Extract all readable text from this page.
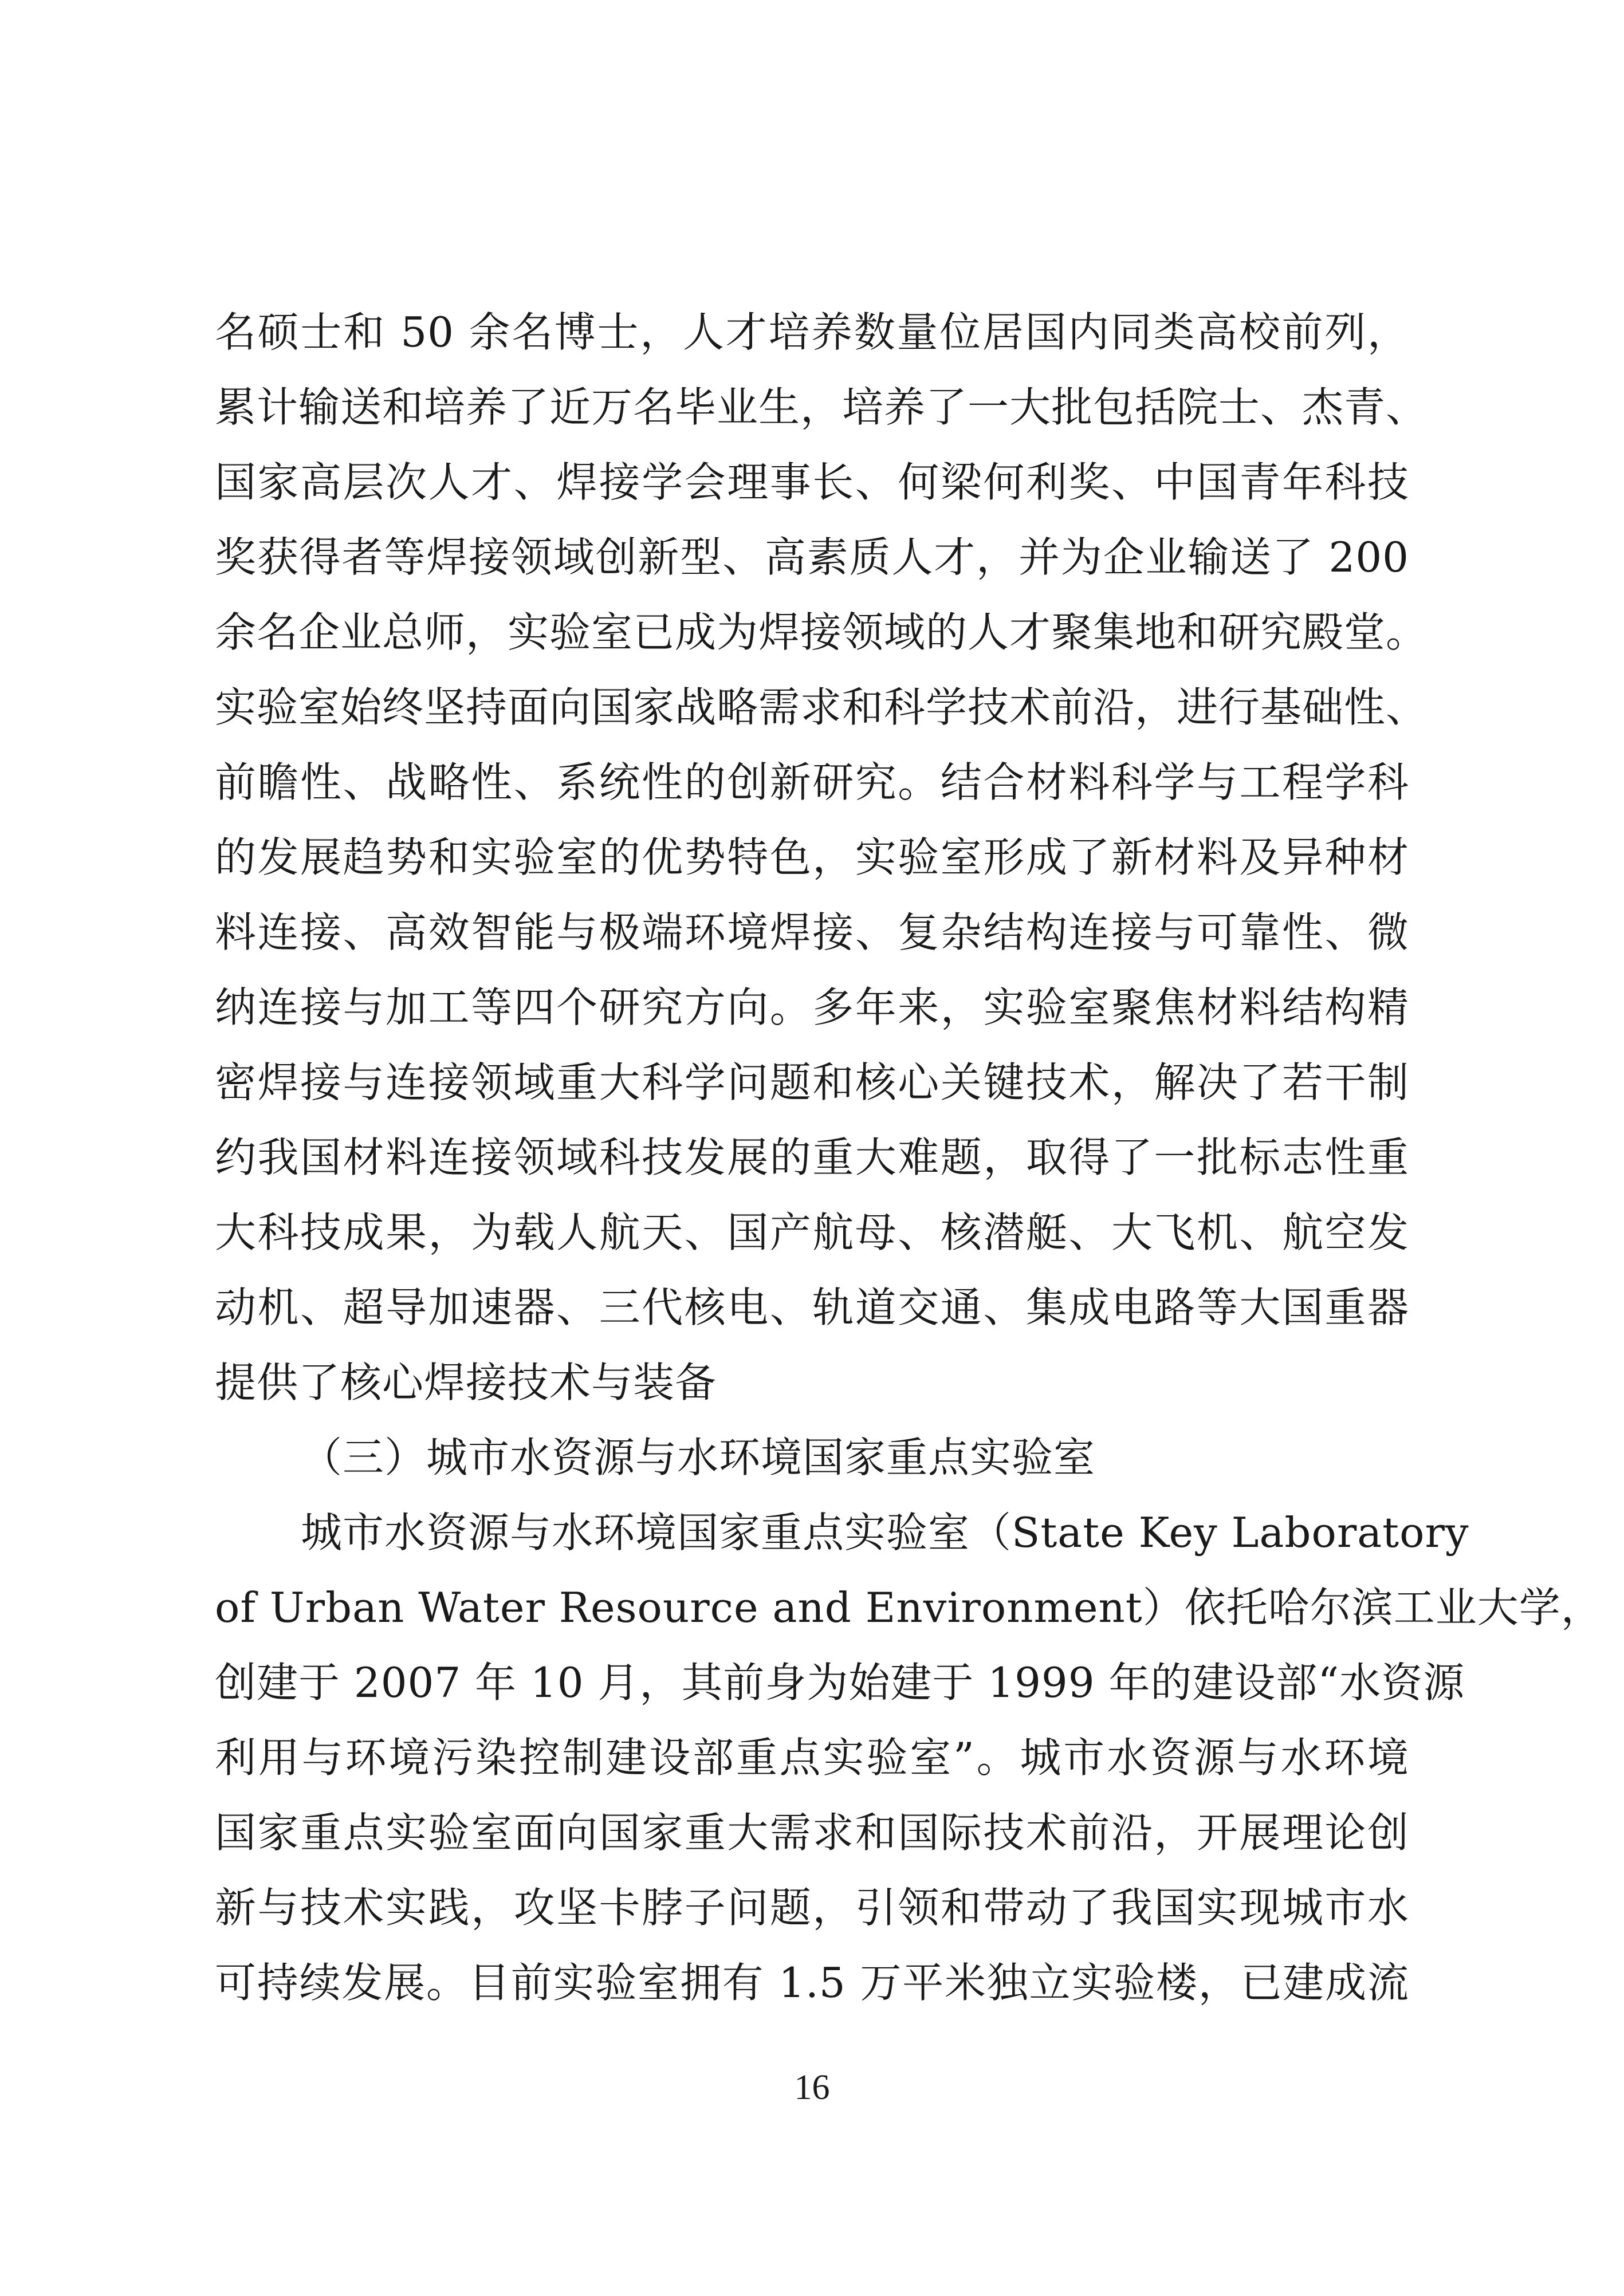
名硕士和 50 余名博士，人才培养数量位居国内同类高校前列，
累计输送和培养了近万名毕业生，培养了一大批包括院士、杰青、
国家高层次人才、焊接学会理事长、何梁何利奖、中国青年科技
奖获得者等焊接领域创新型、高素质人才，并为企业输送了 200
余名企业总师，实验室已成为焊接领域的人才聚集地和研究殿堂。
实验室始终坚持面向国家战略需求和科学技术前沿，进行基础性、
前瞻性、战略性、系统性的创新研究。结合材料科学与工程学科
的发展趋势和实验室的优势特色，实验室形成了新材料及异种材
料连接、高效智能与极端环境焊接、复杂结构连接与可靠性、微
纳连接与加工等四个研究方向。多年来，实验室聚焦材料结构精
密焊接与连接领域重大科学问题和核心关键技术，解决了若干制
约我国材料连接领域科技发展的重大难题，取得了一批标志性重
大科技成果，为载人航天、国产航母、核潜艇、大飞机、航空发
动机、超导加速器、三代核电、轨道交通、集成电路等大国重器
提供了核心焊接技术与装备
（三）城市水资源与水环境国家重点实验室
城市水资源与水环境国家重点实验室（State Key Laboratory
of Urban Water Resource and Environment）依托哈尔滨工业大学，
创建于 2007 年 10 月，其前身为始建于 1999 年的建设部“水资源
利用与环境污染控制建设部重点实验室”。城市水资源与水环境
国家重点实验室面向国家重大需求和国际技术前沿，开展理论创
新与技术实践，攻坚卡脖子问题，引领和带动了我国实现城市水
可持续发展。目前实验室拥有 1.5 万平米独立实验楼，已建成流
16
